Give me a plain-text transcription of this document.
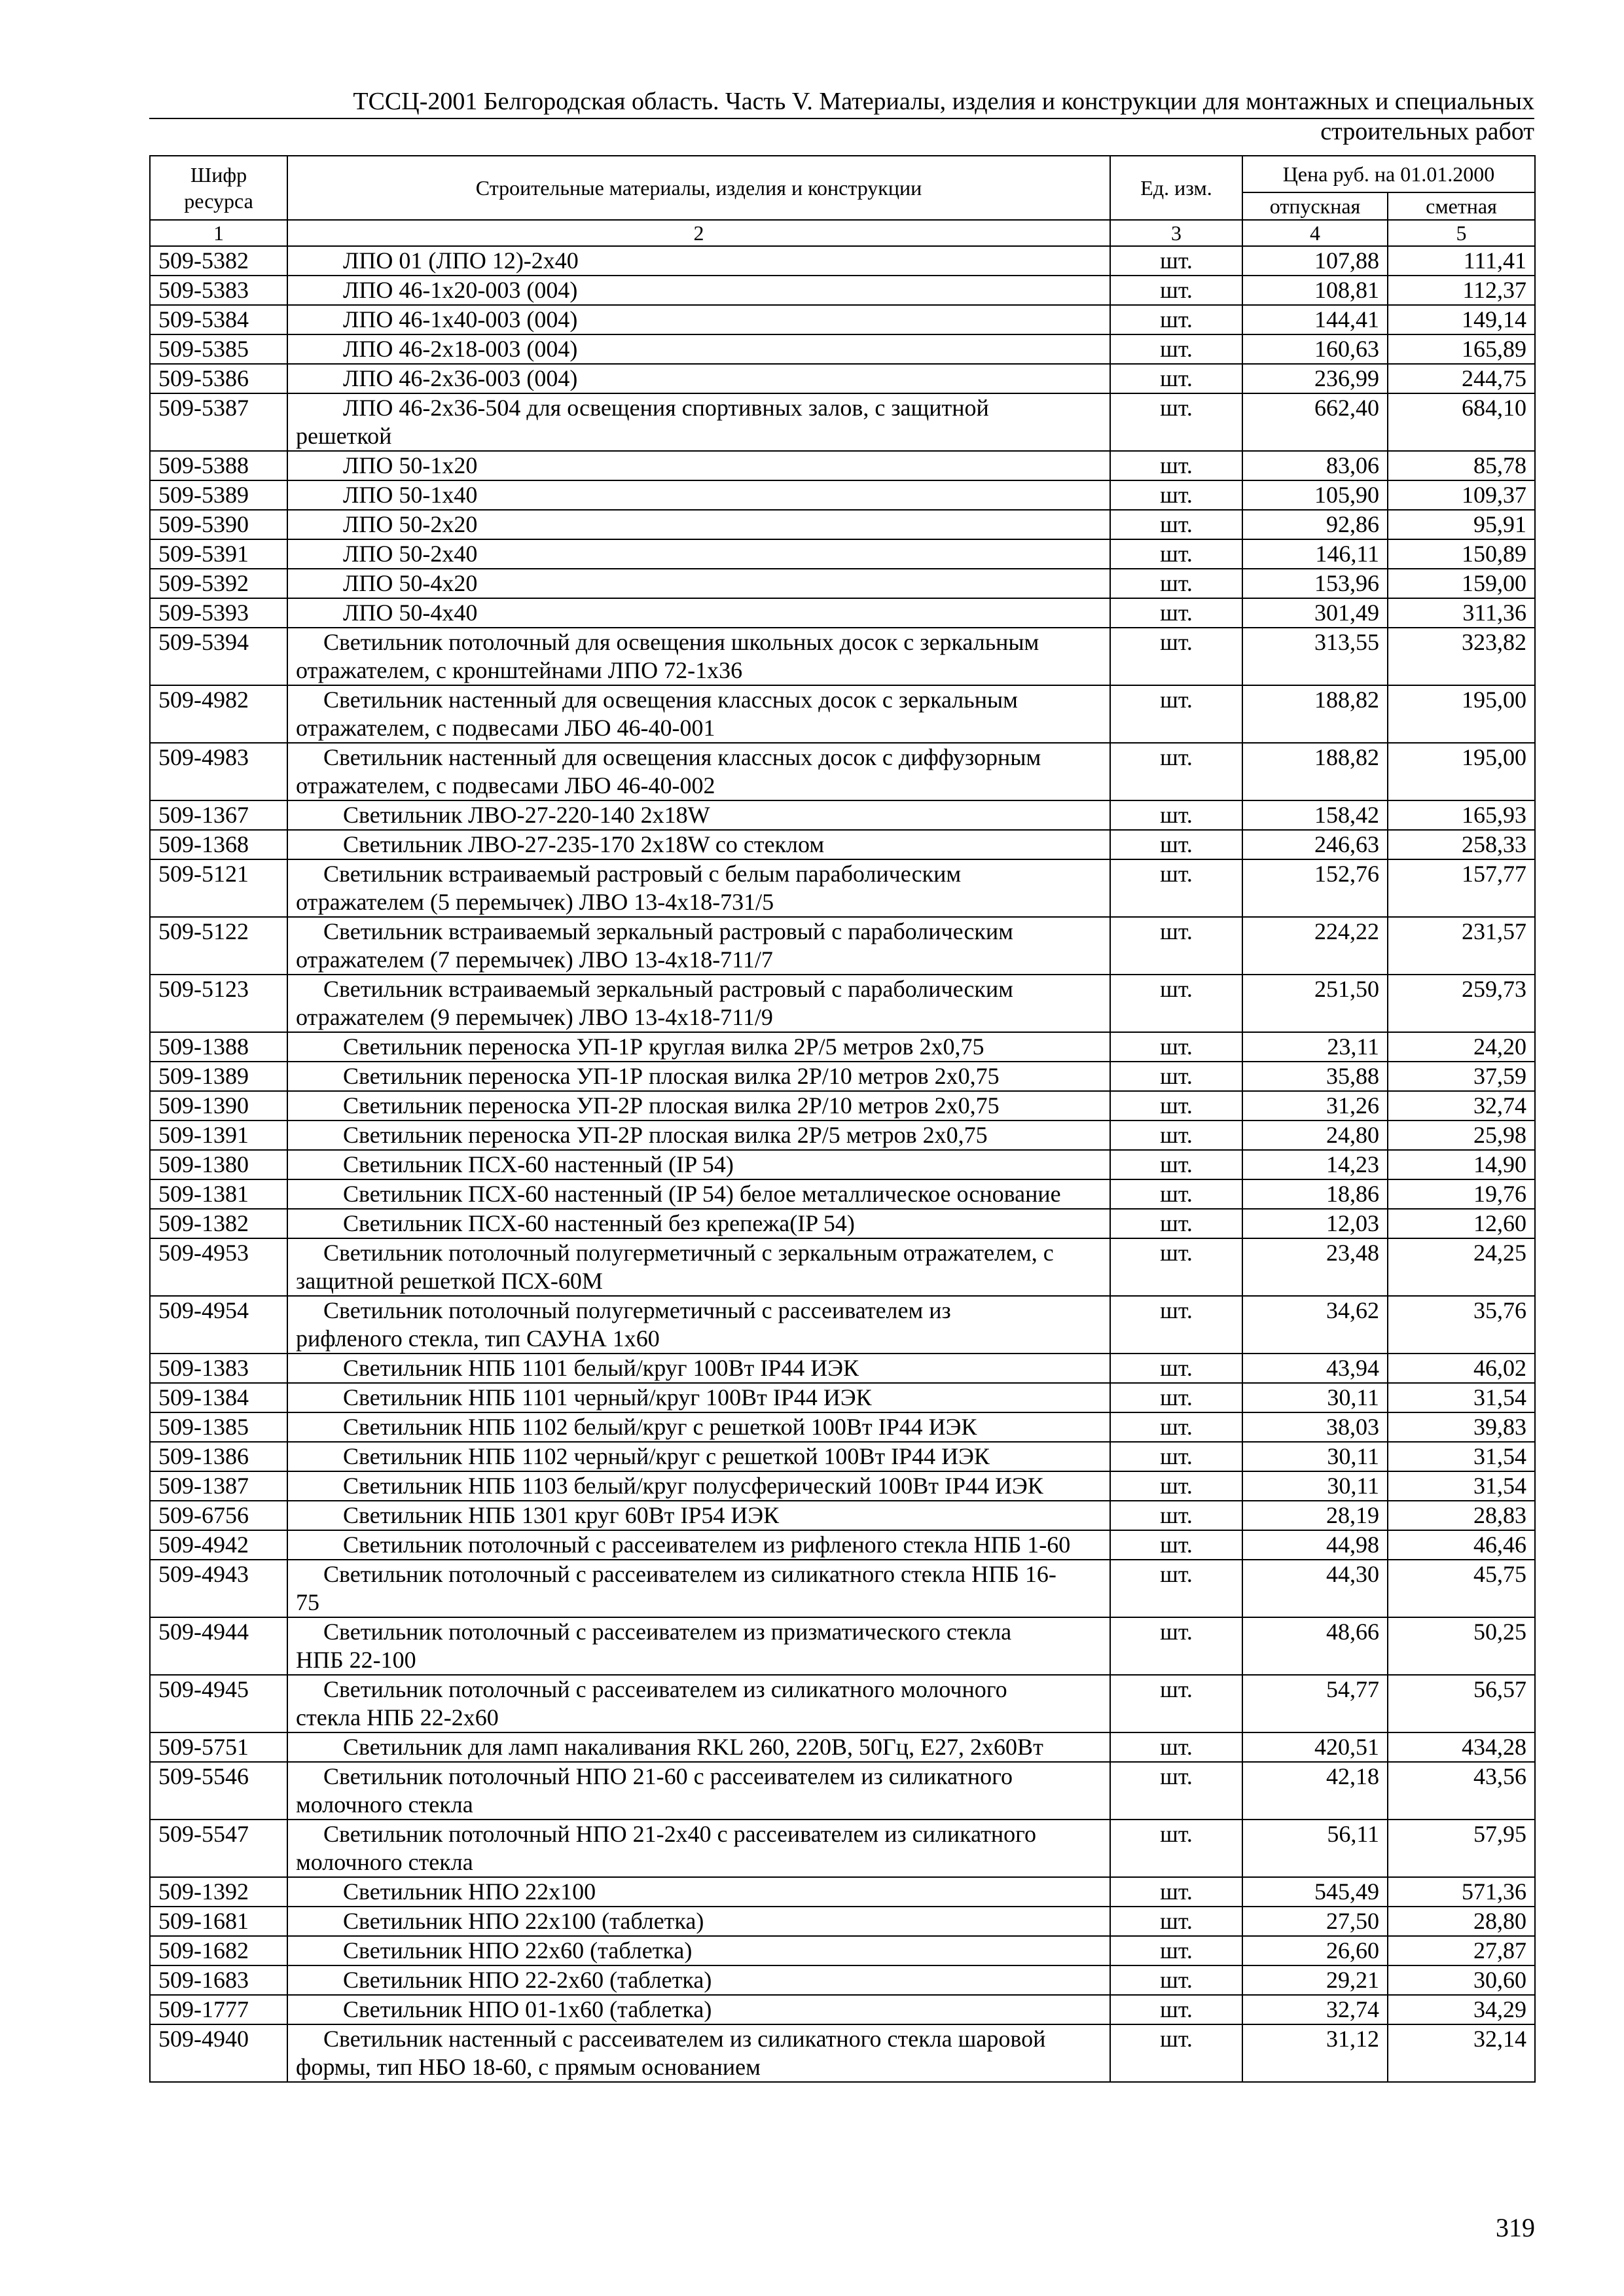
ТССЦ-2001 Белгородская область. Часть V. Материалы, изделия и конструкции для монтажных и специальных
строительных работ
Шифр ресурса	Строительные материалы, изделия и конструкции	Ед. изм.	Цена руб. на 01.01.2000	
			отпускная	сметная
1	2	3	4	5
509-5382	ЛПО 01 (ЛПО 12)-2х40	шт.	107,88	111,41
509-5383	ЛПО 46-1х20-003 (004)	шт.	108,81	112,37
509-5384	ЛПО 46-1х40-003 (004)	шт.	144,41	149,14
509-5385	ЛПО 46-2х18-003 (004)	шт.	160,63	165,89
509-5386	ЛПО 46-2х36-003 (004)	шт.	236,99	244,75
509-5387	ЛПО 46-2х36-504 для освещения спортивных залов, с защитной
решеткой	шт.	662,40	684,10
509-5388	ЛПО 50-1х20	шт.	83,06	85,78
509-5389	ЛПО 50-1х40	шт.	105,90	109,37
509-5390	ЛПО 50-2х20	шт.	92,86	95,91
509-5391	ЛПО 50-2х40	шт.	146,11	150,89
509-5392	ЛПО 50-4х20	шт.	153,96	159,00
509-5393	ЛПО 50-4х40	шт.	301,49	311,36
509-5394	Светильник потолочный для освещения школьных досок с зеркальным
отражателем, с кронштейнами ЛПО 72-1х36	шт.	313,55	323,82
509-4982	Светильник настенный для освещения классных досок с зеркальным
отражателем, с подвесами ЛБО 46-40-001	шт.	188,82	195,00
509-4983	Светильник настенный для освещения классных досок с диффузорным
отражателем, с подвесами ЛБО 46-40-002	шт.	188,82	195,00
509-1367	Светильник ЛВО-27-220-140 2х18W	шт.	158,42	165,93
509-1368	Светильник ЛВО-27-235-170 2х18W со стеклом	шт.	246,63	258,33
509-5121	Светильник встраиваемый растровый с белым параболическим
отражателем (5 перемычек) ЛВО 13-4х18-731/5	шт.	152,76	157,77
509-5122	Светильник встраиваемый зеркальный растровый с параболическим
отражателем (7 перемычек) ЛВО 13-4х18-711/7	шт.	224,22	231,57
509-5123	Светильник встраиваемый зеркальный растровый с параболическим
отражателем (9 перемычек) ЛВО 13-4х18-711/9	шт.	251,50	259,73
509-1388	Светильник переноска УП-1Р круглая вилка 2Р/5 метров 2х0,75	шт.	23,11	24,20
509-1389	Светильник переноска УП-1Р плоская вилка 2Р/10 метров 2х0,75	шт.	35,88	37,59
509-1390	Светильник переноска УП-2Р плоская вилка 2Р/10 метров 2х0,75	шт.	31,26	32,74
509-1391	Светильник переноска УП-2Р плоская вилка 2Р/5 метров 2х0,75	шт.	24,80	25,98
509-1380	Светильник ПСХ-60 настенный (IP 54)	шт.	14,23	14,90
509-1381	Светильник ПСХ-60 настенный (IP 54) белое металлическое основание	шт.	18,86	19,76
509-1382	Светильник ПСХ-60 настенный без крепежа(IP 54)	шт.	12,03	12,60
509-4953	Светильник потолочный полугерметичный с зеркальным отражателем, с
защитной решеткой ПСХ-60М	шт.	23,48	24,25
509-4954	Светильник потолочный полугерметичный с рассеивателем из
рифленого стекла, тип САУНА 1х60	шт.	34,62	35,76
509-1383	Светильник НПБ 1101 белый/круг 100Вт IP44 ИЭК	шт.	43,94	46,02
509-1384	Светильник НПБ 1101 черный/круг 100Вт IP44 ИЭК	шт.	30,11	31,54
509-1385	Светильник НПБ 1102 белый/круг с решеткой 100Вт IP44 ИЭК	шт.	38,03	39,83
509-1386	Светильник НПБ 1102 черный/круг с решеткой 100Вт IP44 ИЭК	шт.	30,11	31,54
509-1387	Светильник НПБ 1103 белый/круг полусферический 100Вт IP44 ИЭК	шт.	30,11	31,54
509-6756	Светильник НПБ 1301 круг 60Вт IP54 ИЭК	шт.	28,19	28,83
509-4942	Светильник потолочный с рассеивателем из рифленого стекла НПБ 1-60	шт.	44,98	46,46
509-4943	Светильник потолочный с рассеивателем из силикатного стекла НПБ 16-
75	шт.	44,30	45,75
509-4944	Светильник потолочный с рассеивателем из призматического стекла
НПБ 22-100	шт.	48,66	50,25
509-4945	Светильник потолочный с рассеивателем из силикатного молочного
стекла НПБ 22-2х60	шт.	54,77	56,57
509-5751	Светильник для ламп накаливания RKL 260, 220В, 50Гц, Е27, 2х60Вт	шт.	420,51	434,28
509-5546	Светильник потолочный НПО 21-60 с рассеивателем из силикатного
молочного стекла	шт.	42,18	43,56
509-5547	Светильник потолочный НПО 21-2х40 с рассеивателем из силикатного
молочного стекла	шт.	56,11	57,95
509-1392	Светильник НПО 22х100	шт.	545,49	571,36
509-1681	Светильник НПО 22х100 (таблетка)	шт.	27,50	28,80
509-1682	Светильник НПО 22х60 (таблетка)	шт.	26,60	27,87
509-1683	Светильник НПО 22-2х60 (таблетка)	шт.	29,21	30,60
509-1777	Светильник НПО 01-1х60 (таблетка)	шт.	32,74	34,29
509-4940	Светильник настенный с рассеивателем из силикатного стекла шаровой
формы, тип НБО 18-60, с прямым основанием	шт.	31,12	32,14
319
